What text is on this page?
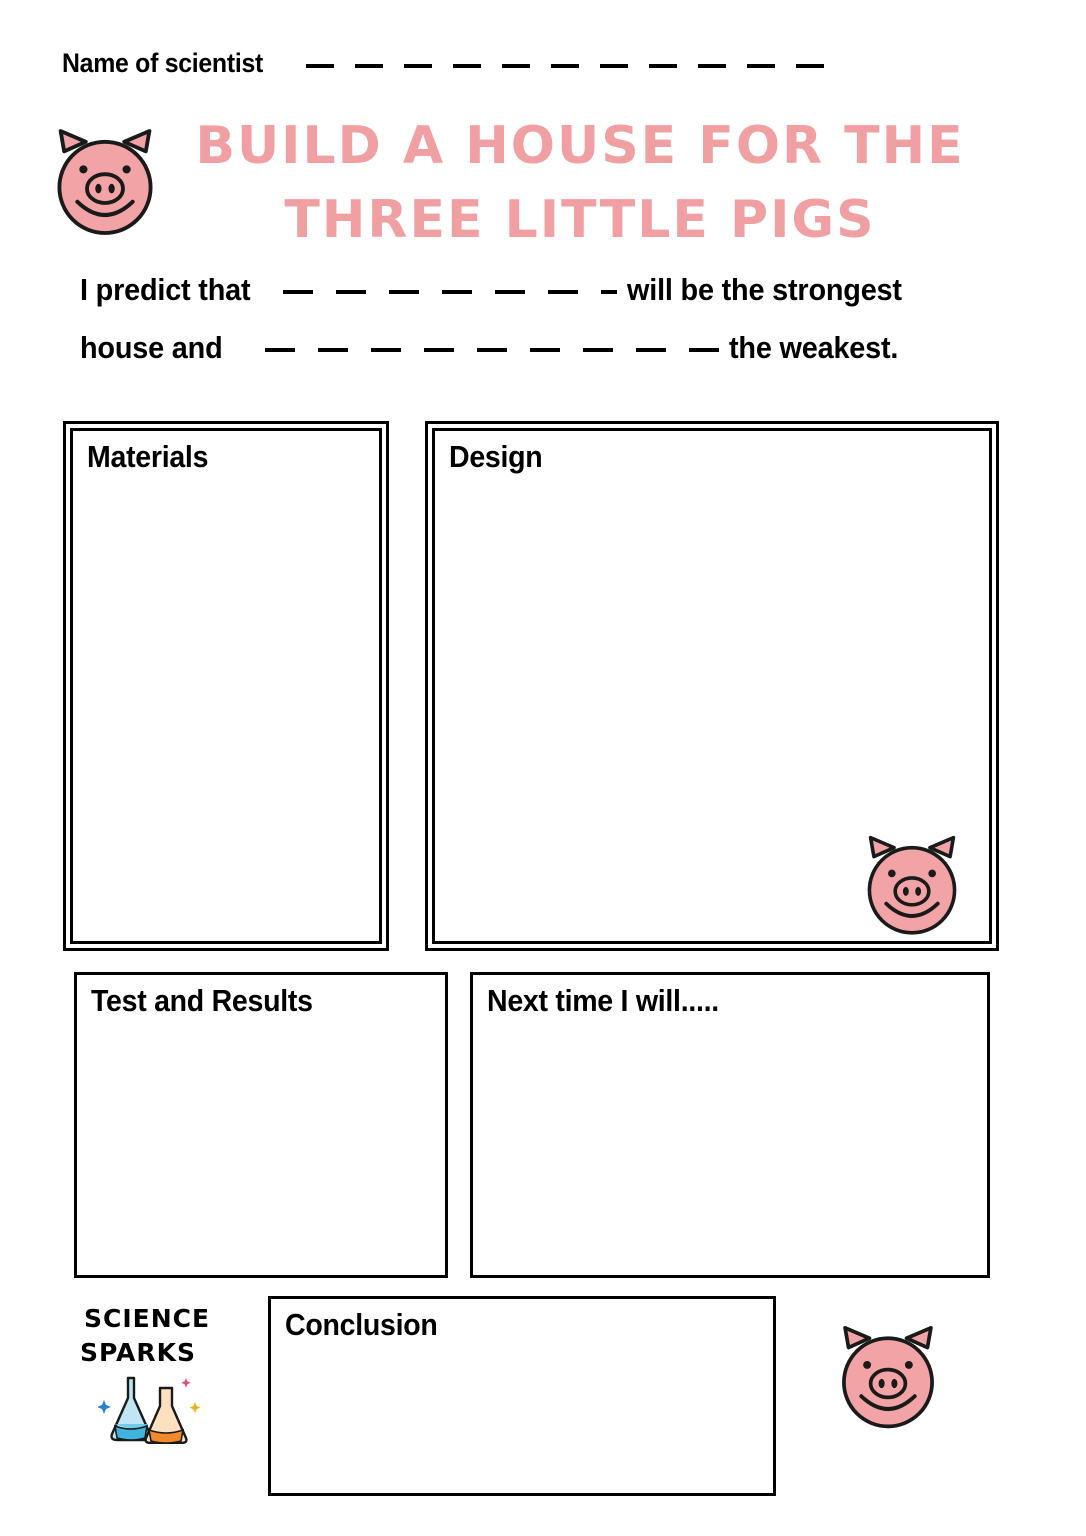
Name of scientist
BUILD A HOUSE FOR THE
THREE LITTLE PIGS
I predict that	will be the strongest
house and	the weakest.
Materials	Design
Test and Results	Next time I will.....
Conclusion
SCIENCE
SPARKS
